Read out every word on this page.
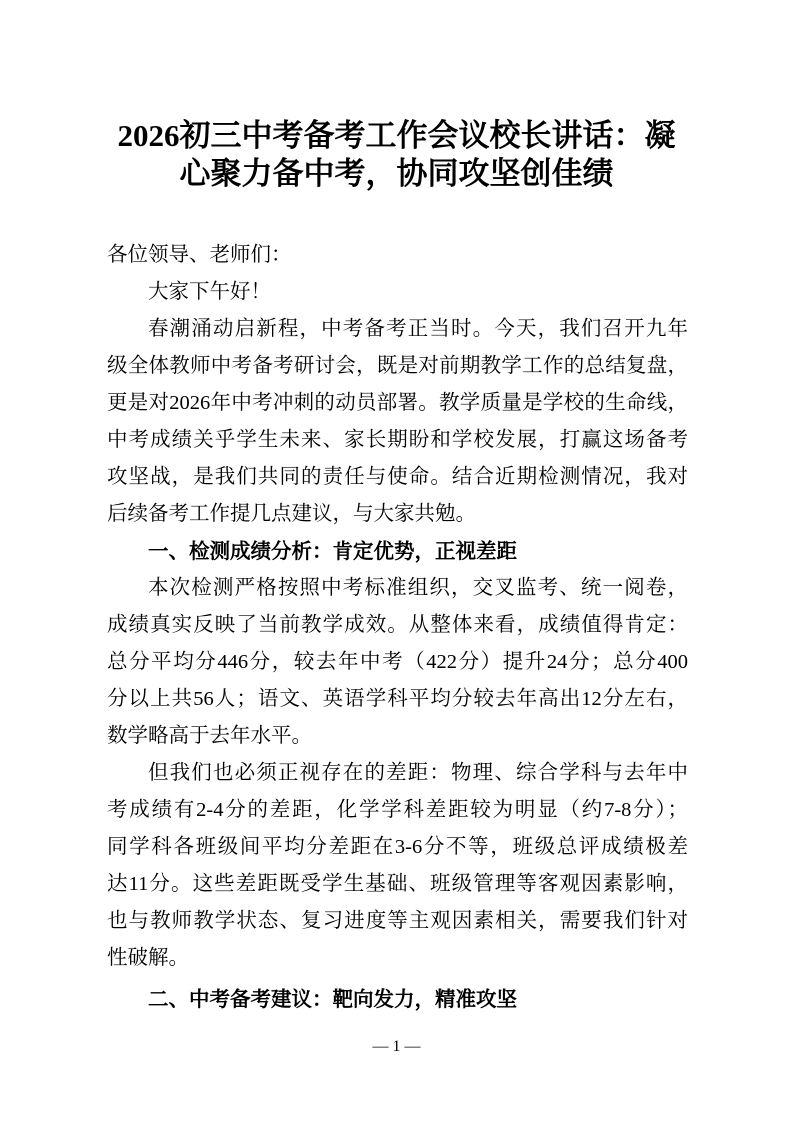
2026初三中考备考工作会议校长讲话：凝
心聚力备中考，协同攻坚创佳绩
各位领导、老师们：
大家下午好！
春潮涌动启新程，中考备考正当时。今天，我们召开九年
级全体教师中考备考研讨会，既是对前期教学工作的总结复盘，
更是对2026年中考冲刺的动员部署。教学质量是学校的生命线，
中考成绩关乎学生未来、家长期盼和学校发展，打赢这场备考
攻坚战，是我们共同的责任与使命。结合近期检测情况，我对
后续备考工作提几点建议，与大家共勉。
一、检测成绩分析：肯定优势，正视差距
本次检测严格按照中考标准组织，交叉监考、统一阅卷，
成绩真实反映了当前教学成效。从整体来看，成绩值得肯定：
总分平均分446分，较去年中考（422分）提升24分；总分400
分以上共56人；语文、英语学科平均分较去年高出12分左右，
数学略高于去年水平。
但我们也必须正视存在的差距：物理、综合学科与去年中
考成绩有2-4分的差距，化学学科差距较为明显（约7-8分）；
同学科各班级间平均分差距在3-6分不等，班级总评成绩极差
达11分。这些差距既受学生基础、班级管理等客观因素影响，
也与教师教学状态、复习进度等主观因素相关，需要我们针对
性破解。
二、中考备考建议：靶向发力，精准攻坚
— 1 —
